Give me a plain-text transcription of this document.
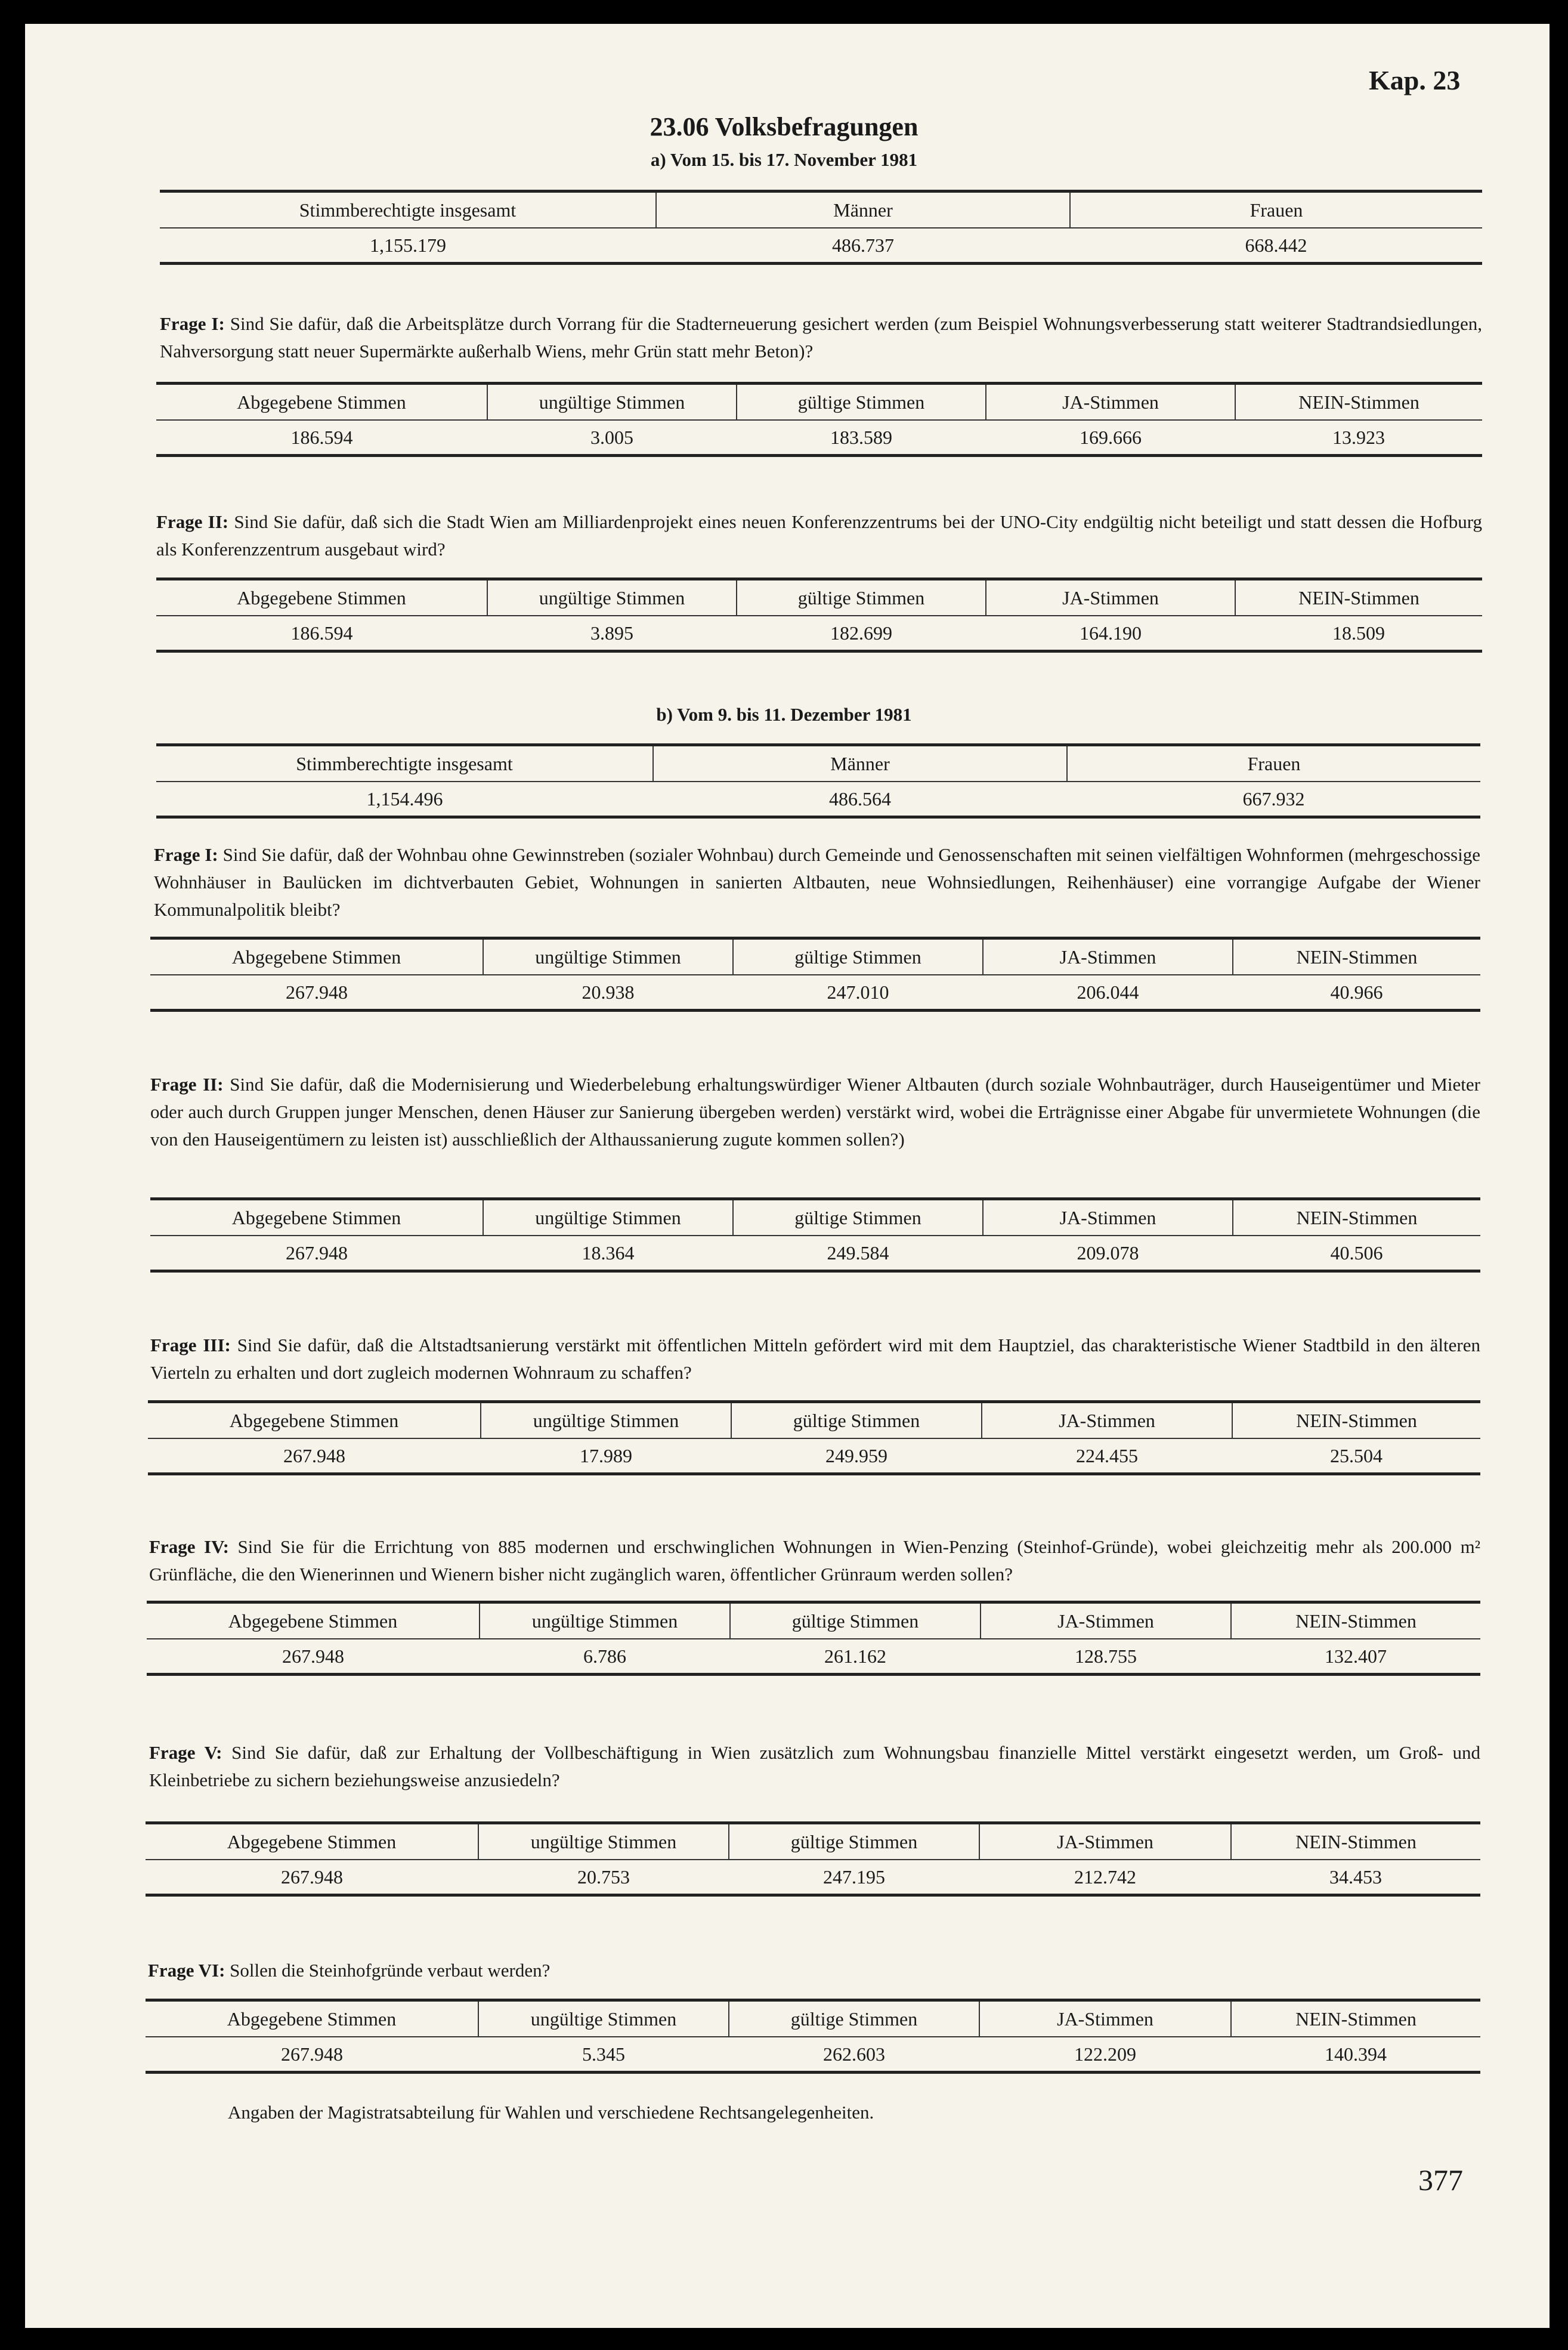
Kap. 23
23.06 Volksbefragungen
a) Vom 15. bis 17. November 1981
Stimmberechtigte insgesamt	Männer	Frauen
1,155.179	486.737	668.442
Frage I: Sind Sie dafür, daß die Arbeitsplätze durch Vorrang für die Stadterneuerung gesichert werden (zum Beispiel Wohnungsverbesserung statt weiterer Stadtrandsiedlungen, Nahversorgung statt neuer Supermärkte außerhalb Wiens, mehr Grün statt mehr Beton)?
Abgegebene Stimmen	ungültige Stimmen	gültige Stimmen	JA-Stimmen	NEIN-Stimmen
186.594	3.005	183.589	169.666	13.923
Frage II: Sind Sie dafür, daß sich die Stadt Wien am Milliardenprojekt eines neuen Konferenzzentrums bei der UNO-City endgültig nicht beteiligt und statt dessen die Hofburg als Konferenzzentrum ausgebaut wird?
Abgegebene Stimmen	ungültige Stimmen	gültige Stimmen	JA-Stimmen	NEIN-Stimmen
186.594	3.895	182.699	164.190	18.509
b) Vom 9. bis 11. Dezember 1981
Stimmberechtigte insgesamt	Männer	Frauen
1,154.496	486.564	667.932
Frage I: Sind Sie dafür, daß der Wohnbau ohne Gewinnstreben (sozialer Wohnbau) durch Gemeinde und Genossenschaften mit seinen vielfältigen Wohnformen (mehrgeschossige Wohnhäuser in Baulücken im dichtverbauten Gebiet, Wohnungen in sanierten Altbauten, neue Wohnsiedlungen, Reihenhäuser) eine vorrangige Aufgabe der Wiener Kommunalpolitik bleibt?
Abgegebene Stimmen	ungültige Stimmen	gültige Stimmen	JA-Stimmen	NEIN-Stimmen
267.948	20.938	247.010	206.044	40.966
Frage II: Sind Sie dafür, daß die Modernisierung und Wiederbelebung erhaltungswürdiger Wiener Altbauten (durch soziale Wohnbauträger, durch Hauseigentümer und Mieter oder auch durch Gruppen junger Menschen, denen Häuser zur Sanierung übergeben werden) verstärkt wird, wobei die Erträgnisse einer Abgabe für unvermietete Wohnungen (die von den Hauseigentümern zu leisten ist) ausschließlich der Althaussanierung zugute kommen sollen?)
Abgegebene Stimmen	ungültige Stimmen	gültige Stimmen	JA-Stimmen	NEIN-Stimmen
267.948	18.364	249.584	209.078	40.506
Frage III: Sind Sie dafür, daß die Altstadtsanierung verstärkt mit öffentlichen Mitteln gefördert wird mit dem Hauptziel, das charakteristische Wiener Stadtbild in den älteren Vierteln zu erhalten und dort zugleich modernen Wohnraum zu schaffen?
Abgegebene Stimmen	ungültige Stimmen	gültige Stimmen	JA-Stimmen	NEIN-Stimmen
267.948	17.989	249.959	224.455	25.504
Frage IV: Sind Sie für die Errichtung von 885 modernen und erschwinglichen Wohnungen in Wien-Penzing (Steinhof-Gründe), wobei gleichzeitig mehr als 200.000 m² Grünfläche, die den Wienerinnen und Wienern bisher nicht zugänglich waren, öffentlicher Grünraum werden sollen?
Abgegebene Stimmen	ungültige Stimmen	gültige Stimmen	JA-Stimmen	NEIN-Stimmen
267.948	6.786	261.162	128.755	132.407
Frage V: Sind Sie dafür, daß zur Erhaltung der Vollbeschäftigung in Wien zusätzlich zum Wohnungsbau finanzielle Mittel verstärkt eingesetzt werden, um Groß- und Kleinbetriebe zu sichern beziehungsweise anzusiedeln?
Abgegebene Stimmen	ungültige Stimmen	gültige Stimmen	JA-Stimmen	NEIN-Stimmen
267.948	20.753	247.195	212.742	34.453
Frage VI: Sollen die Steinhofgründe verbaut werden?
Abgegebene Stimmen	ungültige Stimmen	gültige Stimmen	JA-Stimmen	NEIN-Stimmen
267.948	5.345	262.603	122.209	140.394
Angaben der Magistratsabteilung für Wahlen und verschiedene Rechtsangelegenheiten.
377
